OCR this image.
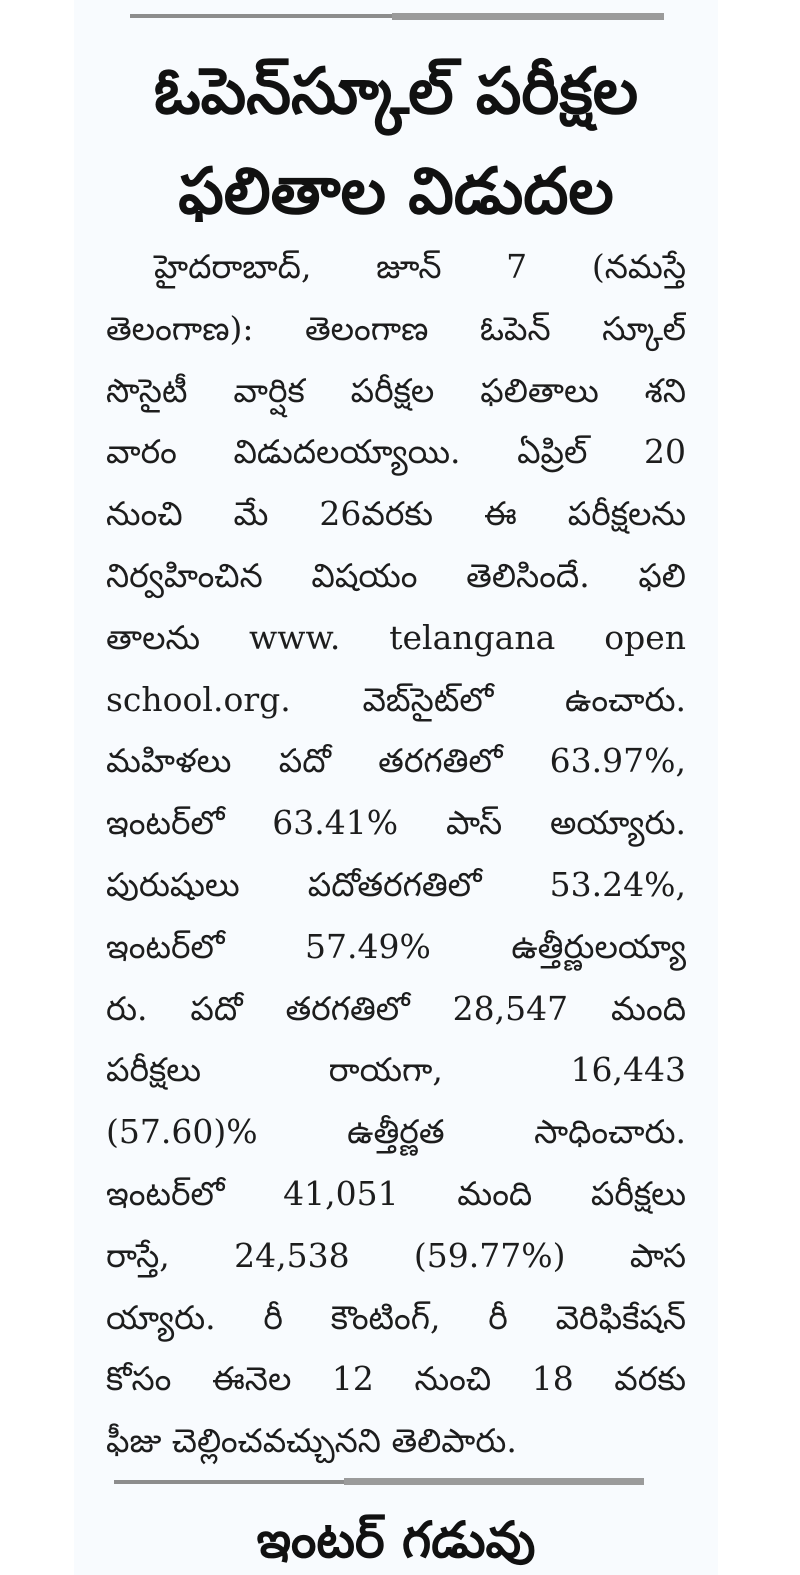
ఓపెన్‌స్కూల్ పరీక్షల
ఫలితాల విడుదల
హైదరాబాద్, జూన్ 7 (నమస్తే
తెలంగాణ): తెలంగాణ ఓపెన్ స్కూల్
సొసైటీ వార్షిక పరీక్షల ఫలితాలు శని
వారం విడుదలయ్యాయి. ఏప్రిల్ 20
నుంచి మే 26వరకు ఈ పరీక్షలను
నిర్వహించిన విషయం తెలిసిందే. ఫలి
తాలను www. telangana open
school.org. వెబ్‌సైట్‌లో ఉంచారు.
మహిళలు పదో తరగతిలో 63.97%,
ఇంటర్‌లో 63.41% పాస్ అయ్యారు.
పురుషులు పదోతరగతిలో 53.24%,
ఇంటర్‌లో 57.49% ఉత్తీర్ణులయ్యా
రు. పదో తరగతిలో 28,547 మంది
పరీక్షలు రాయగా, 16,443
(57.60)% ఉత్తీర్ణత సాధించారు.
ఇంటర్‌లో 41,051 మంది పరీక్షలు
రాస్తే, 24,538 (59.77%) పాస
య్యారు. రీ కౌంటింగ్, రీ వెరిఫికేషన్
కోసం ఈనెల 12 నుంచి 18 వరకు
ఫీజు చెల్లించవచ్చునని తెలిపారు.
ఇంటర్ గడువు
